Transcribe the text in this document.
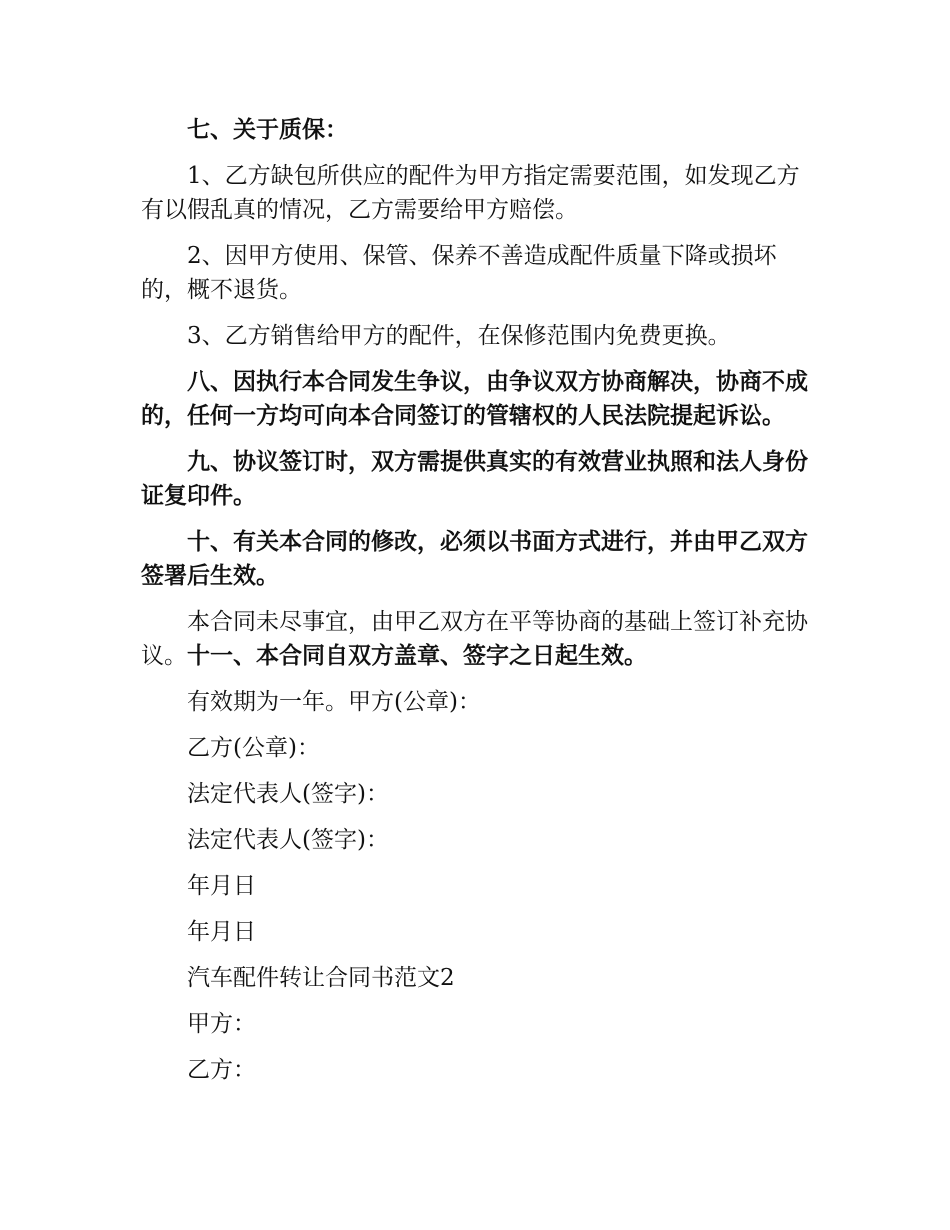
七、关于质保：

1、乙方缺包所供应的配件为甲方指定需要范围，如发现乙方有以假乱真的情况，乙方需要给甲方赔偿。

2、因甲方使用、保管、保养不善造成配件质量下降或损坏的，概不退货。

3、乙方销售给甲方的配件，在保修范围内免费更换。

八、因执行本合同发生争议，由争议双方协商解决，协商不成的，任何一方均可向本合同签订的管辖权的人民法院提起诉讼。

九、协议签订时，双方需提供真实的有效营业执照和法人身份证复印件。

十、有关本合同的修改，必须以书面方式进行，并由甲乙双方签署后生效。

本合同未尽事宜，由甲乙双方在平等协商的基础上签订补充协议。十一、本合同自双方盖章、签字之日起生效。

有效期为一年。甲方(公章)：

乙方(公章)：

法定代表人(签字)：

法定代表人(签字)：

年月日

年月日

汽车配件转让合同书范文2

甲方：

乙方：
